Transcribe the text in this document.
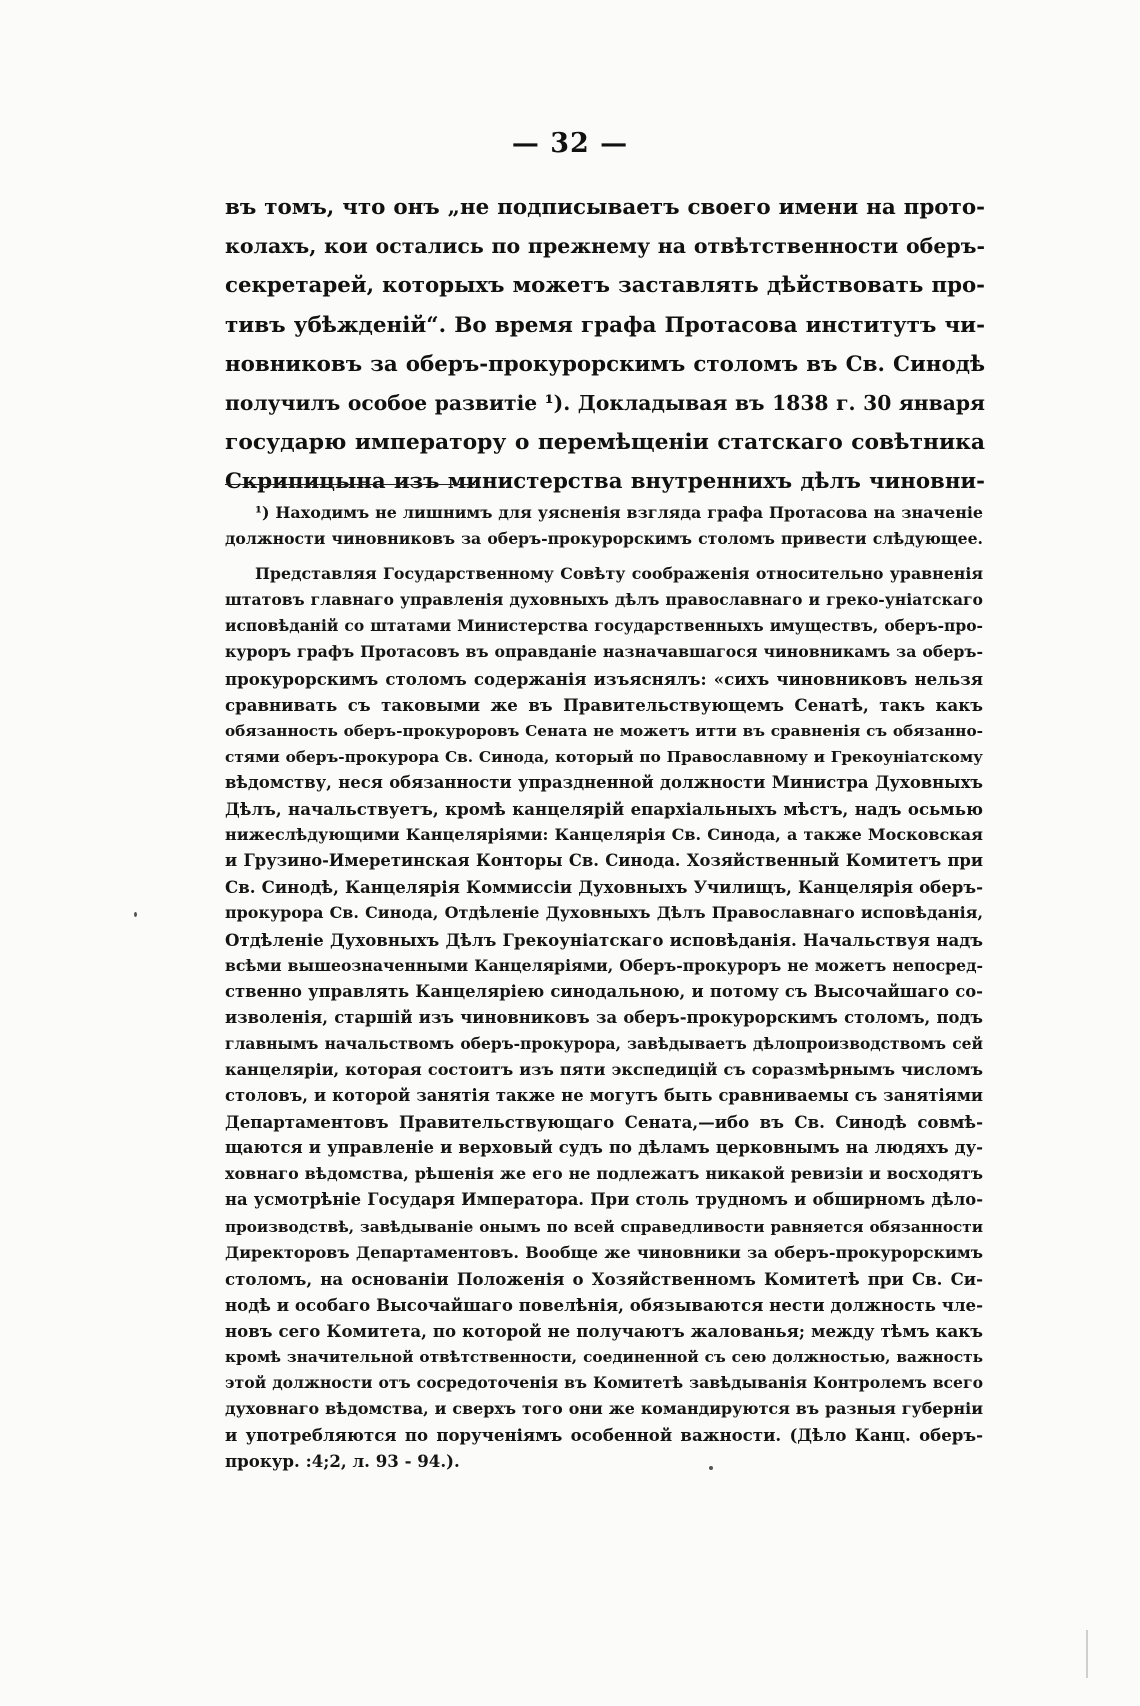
— 32 —
въ томъ, что онъ „не подписываетъ своего имени на прото-
колахъ, кои остались по прежнему на отвѣтственности оберъ-
секретарей, которыхъ можетъ заставлять дѣйствовать про-
тивъ убѣжденій“. Во время графа Протасова институтъ чи-
новниковъ за оберъ-прокурорскимъ столомъ въ Св. Синодѣ
получилъ особое развитіе ¹). Докладывая въ 1838 г. 30 января
государю императору о перемѣщеніи статскаго совѣтника
Скрипицына изъ министерства внутреннихъ дѣлъ чиновни-

¹) Находимъ не лишнимъ для уясненія взгляда графа Протасова на значеніе
должности чиновниковъ за оберъ-прокурорскимъ столомъ привести слѣдующее.

Представляя Государственному Совѣту соображенія относительно уравненія
штатовъ главнаго управленія духовныхъ дѣлъ православнаго и греко-уніатскаго
исповѣданій со штатами Министерства государственныхъ имуществъ, оберъ-про-
куроръ графъ Протасовъ въ оправданіе назначавшагося чиновникамъ за оберъ-
прокурорскимъ столомъ содержанія изъяснялъ: «сихъ чиновниковъ нельзя
сравнивать съ таковыми же въ Правительствующемъ Сенатѣ, такъ какъ
обязанность оберъ-прокуроровъ Сената не можетъ итти въ сравненія съ обязанно-
стями оберъ-прокурора Св. Синода, который по Православному и Грекоуніатскому
вѣдомству, неся обязанности упраздненной должности Министра Духовныхъ
Дѣлъ, начальствуетъ, кромѣ канцелярій епархіальныхъ мѣстъ, надъ осьмью
нижеслѣдующими Канцеляріями: Канцелярія Св. Синода, а также Московская
и Грузино-Имеретинская Конторы Св. Синода. Хозяйственный Комитетъ при
Св. Синодѣ, Канцелярія Коммиссіи Духовныхъ Училищъ, Канцелярія оберъ-
прокурора Св. Синода, Отдѣленіе Духовныхъ Дѣлъ Православнаго исповѣданія,
Отдѣленіе Духовныхъ Дѣлъ Грекоуніатскаго исповѣданія. Начальствуя надъ
всѣми вышеозначенными Канцеляріями, Оберъ-прокуроръ не можетъ непосред-
ственно управлять Канцеляріею синодальною, и потому съ Высочайшаго со-
изволенія, старшій изъ чиновниковъ за оберъ-прокурорскимъ столомъ, подъ
главнымъ начальствомъ оберъ-прокурора, завѣдываетъ дѣлопроизводствомъ сей
канцеляріи, которая состоитъ изъ пяти экспедицій съ соразмѣрнымъ числомъ
столовъ, и которой занятія также не могутъ быть сравниваемы съ занятіями
Департаментовъ Правительствующаго Сената,—ибо въ Св. Синодѣ совмѣ-
щаются и управленіе и верховый судъ по дѣламъ церковнымъ на людяхъ ду-
ховнаго вѣдомства, рѣшенія же его не подлежатъ никакой ревизіи и восходятъ
на усмотрѣніе Государя Императора. При столь трудномъ и обширномъ дѣло-
производствѣ, завѣдываніе онымъ по всей справедливости равняется обязанности
Директоровъ Департаментовъ. Вообще же чиновники за оберъ-прокурорскимъ
столомъ, на основаніи Положенія о Хозяйственномъ Комитетѣ при Св. Си-
нодѣ и особаго Высочайшаго повелѣнія, обязываются нести должность чле-
новъ сего Комитета, по которой не получаютъ жалованья; между тѣмъ какъ
кромѣ значительной отвѣтственности, соединенной съ сею должностью, важность
этой должности отъ сосредоточенія въ Комитетѣ завѣдыванія Контролемъ всего
духовнаго вѣдомства, и сверхъ того они же командируются въ разныя губерніи
и употребляются по порученіямъ особенной важности. (Дѣло Канц. оберъ-
прокур. :4;2, л. 93 - 94.).
